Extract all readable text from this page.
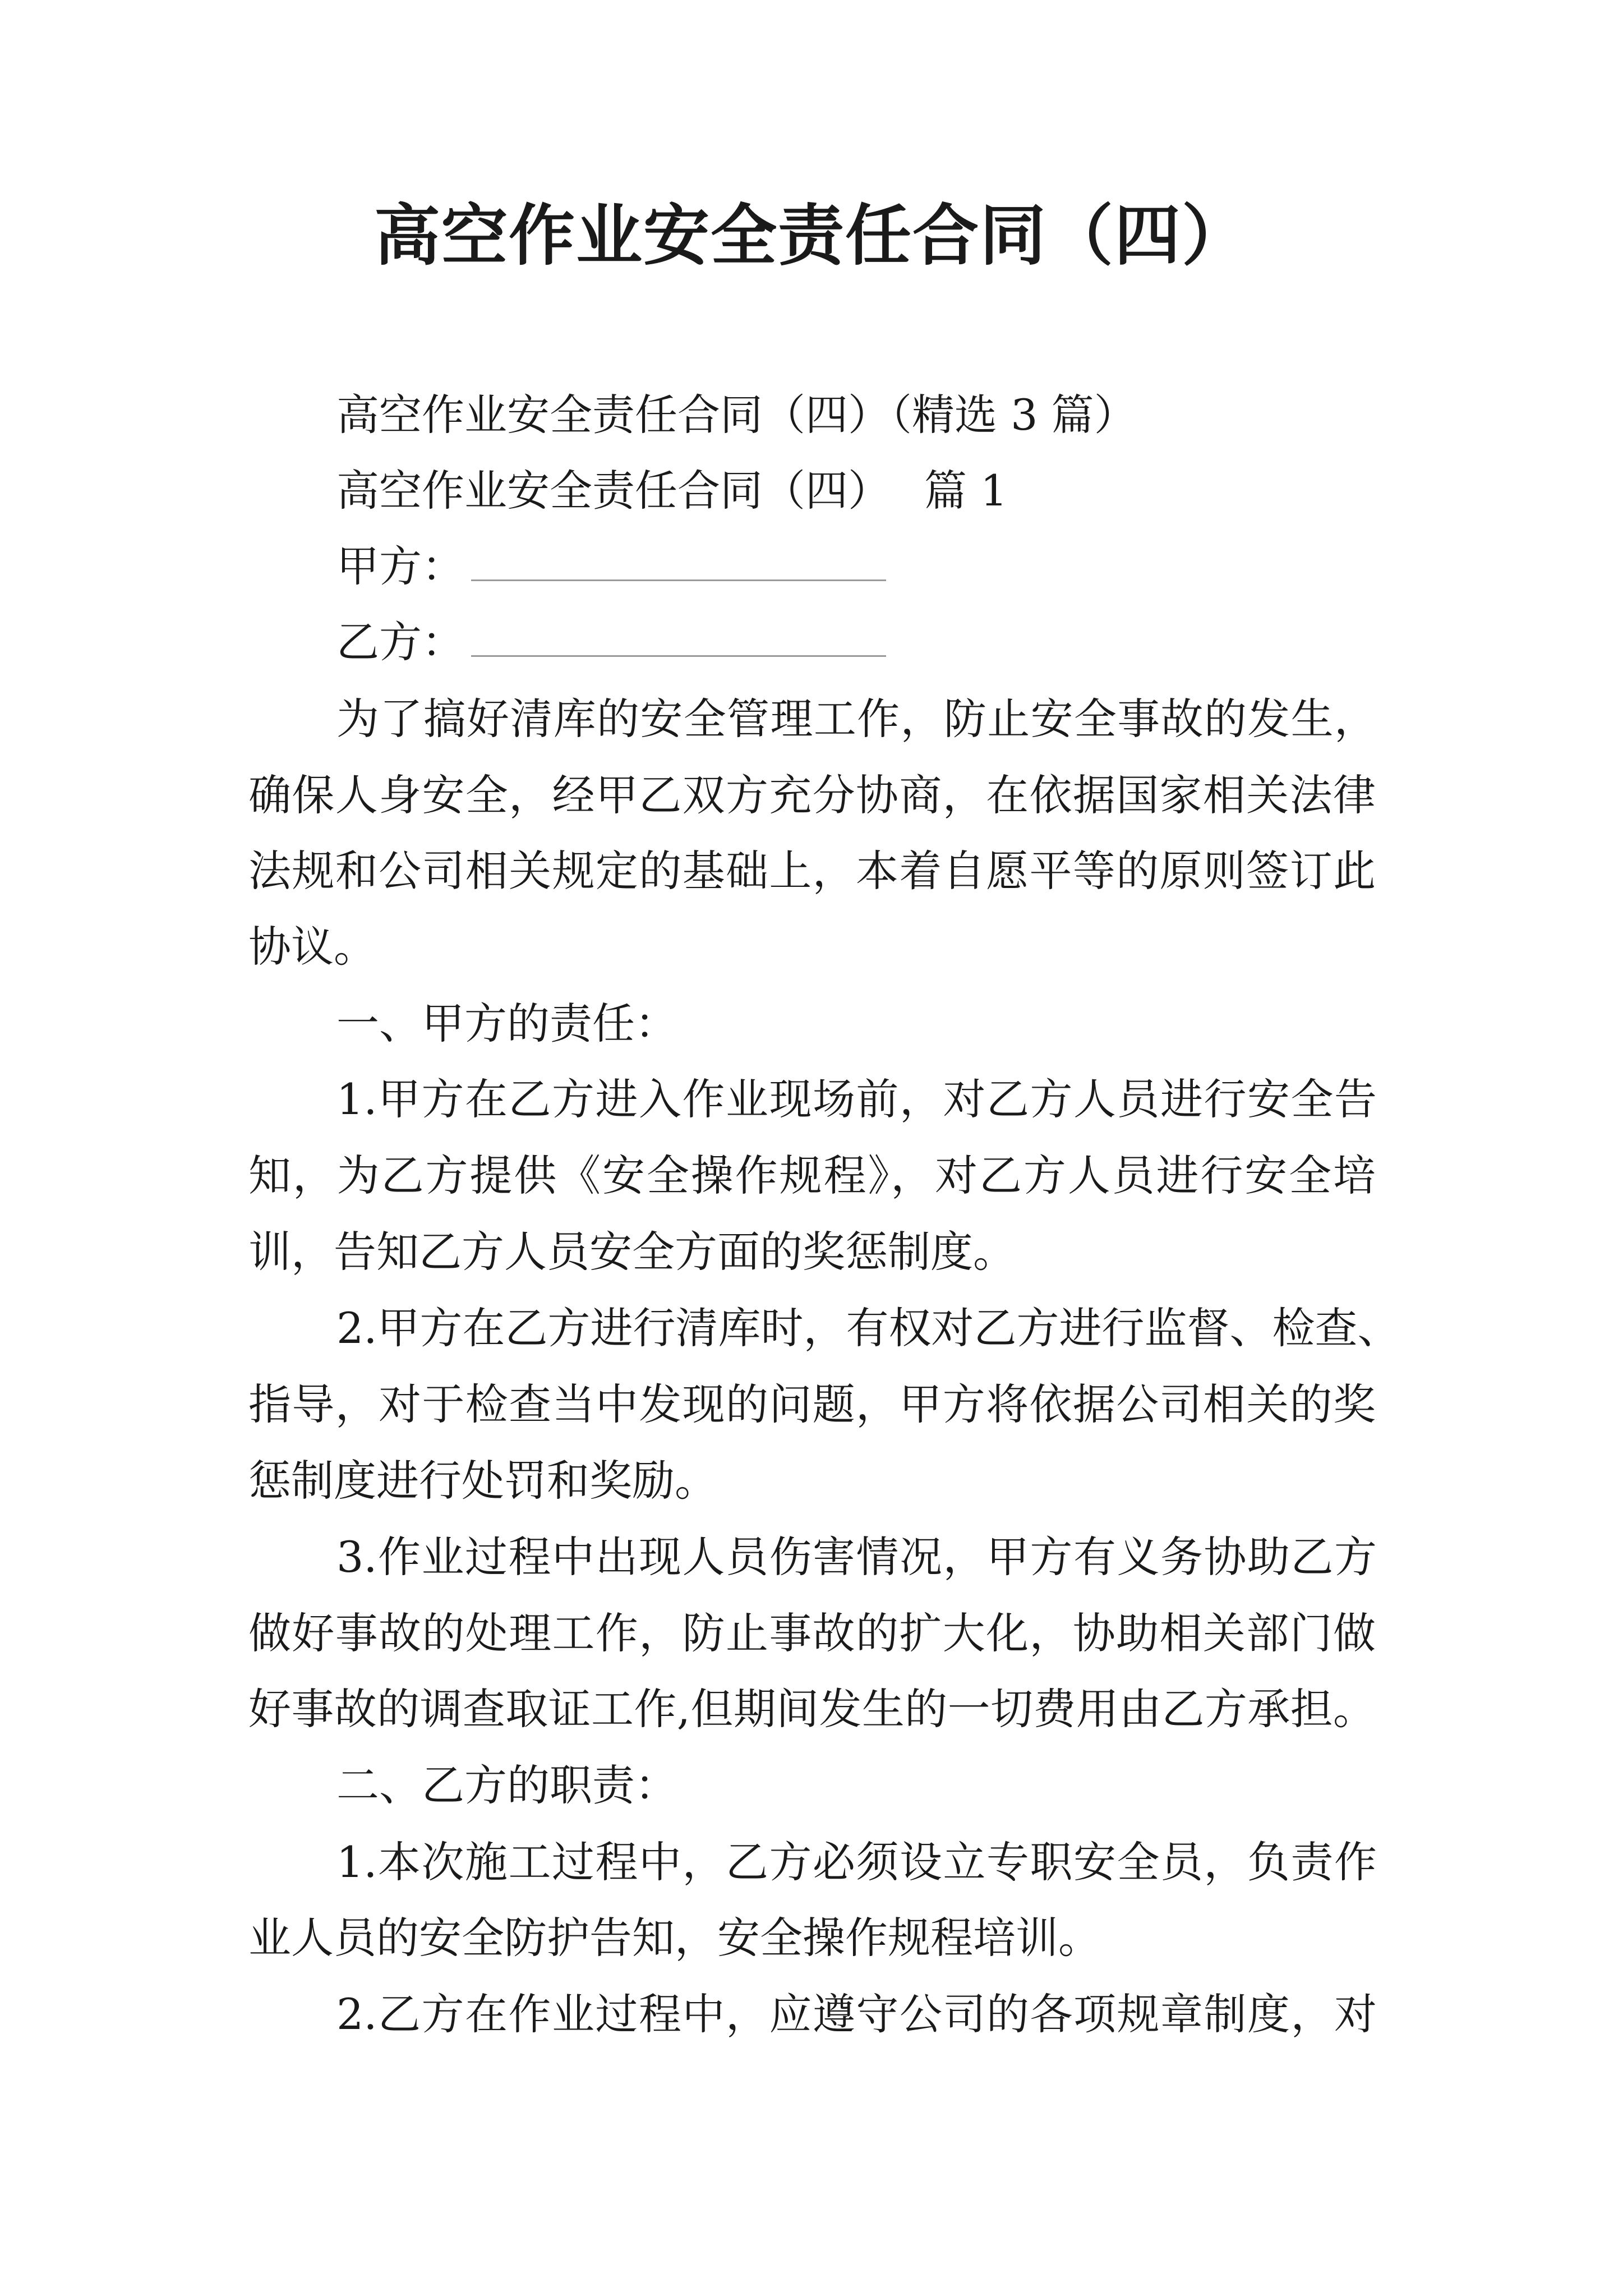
高空作业安全责任合同（四）
高空作业安全责任合同（四）（精选 3 篇）
高空作业安全责任合同（四） 篇 1
甲方：
乙方：
为了搞好清库的安全管理工作，防止安全事故的发生，
确保人身安全，经甲乙双方充分协商，在依据国家相关法律
法规和公司相关规定的基础上，本着自愿平等的原则签订此
协议。
一、甲方的责任：
1.甲方在乙方进入作业现场前，对乙方人员进行安全告
知，为乙方提供《安全操作规程》，对乙方人员进行安全培
训，告知乙方人员安全方面的奖惩制度。
2.甲方在乙方进行清库时，有权对乙方进行监督、检查、
指导，对于检查当中发现的问题，甲方将依据公司相关的奖
惩制度进行处罚和奖励。
3.作业过程中出现人员伤害情况，甲方有义务协助乙方
做好事故的处理工作，防止事故的扩大化，协助相关部门做
好事故的调查取证工作,但期间发生的一切费用由乙方承担。
二、乙方的职责：
1.本次施工过程中，乙方必须设立专职安全员，负责作
业人员的安全防护告知，安全操作规程培训。
2.乙方在作业过程中，应遵守公司的各项规章制度，对
